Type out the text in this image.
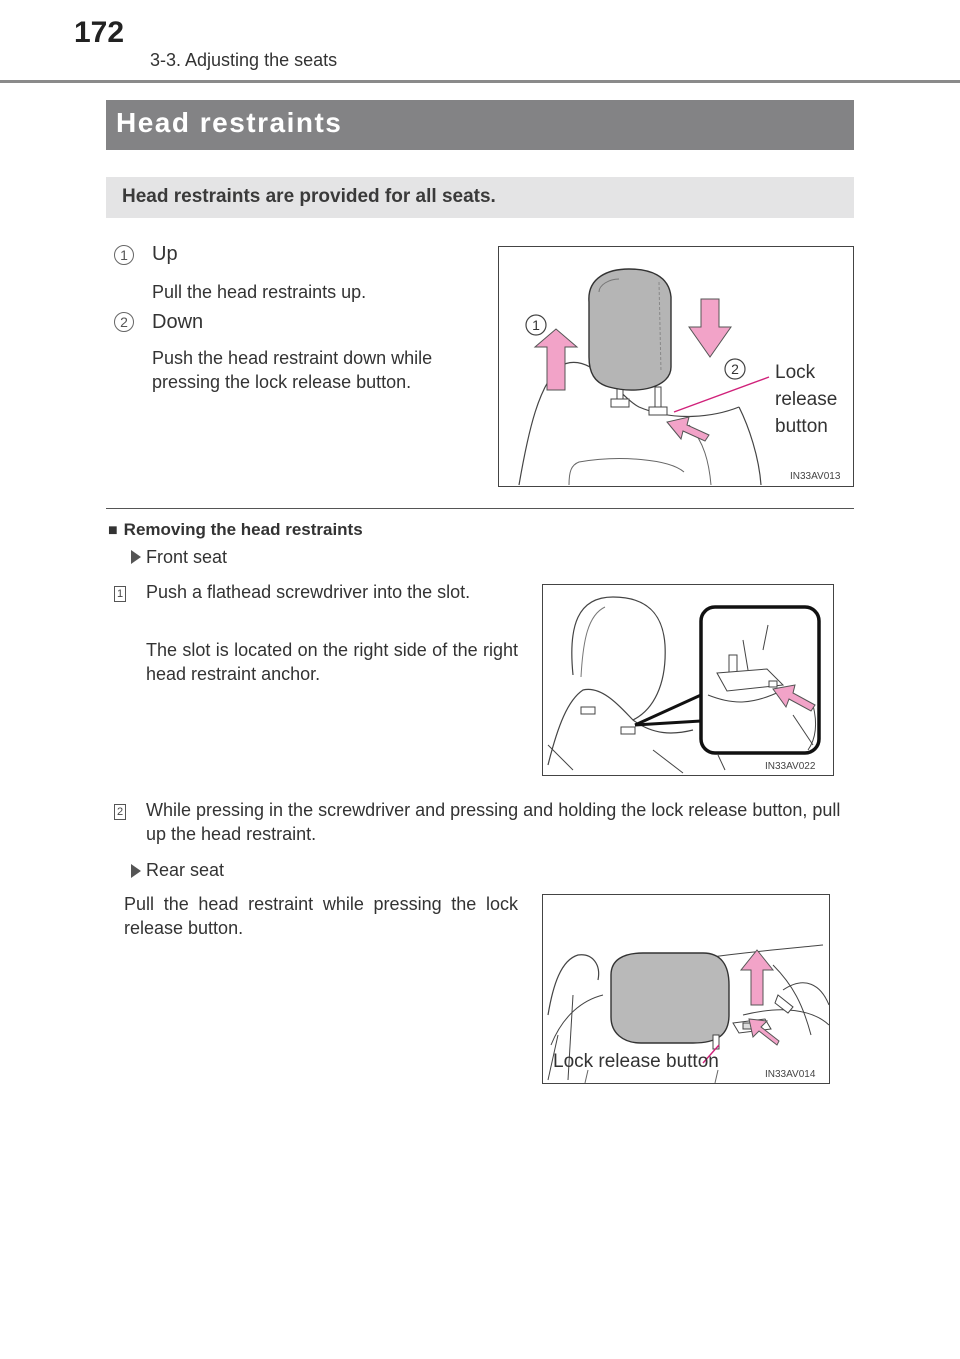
172
3-3. Adjusting the seats
Head restraints
Head restraints are provided for all seats.
1	Up
Pull the head restraints up.
2	Down
Push the head restraint down while pressing the lock release button.
1
2 Lock
release
button
IN33AV013
■ Removing the head restraints
Front seat
1 Push a flathead screwdriver into the slot.
The slot is located on the right side of the right head restraint anchor.
IN33AV022
2 While pressing in the screwdriver and pressing and holding the lock release button, pull up the head restraint.
Rear seat
Pull the head restraint while pressing the lock release button.
Lock release button
IN33AV014
